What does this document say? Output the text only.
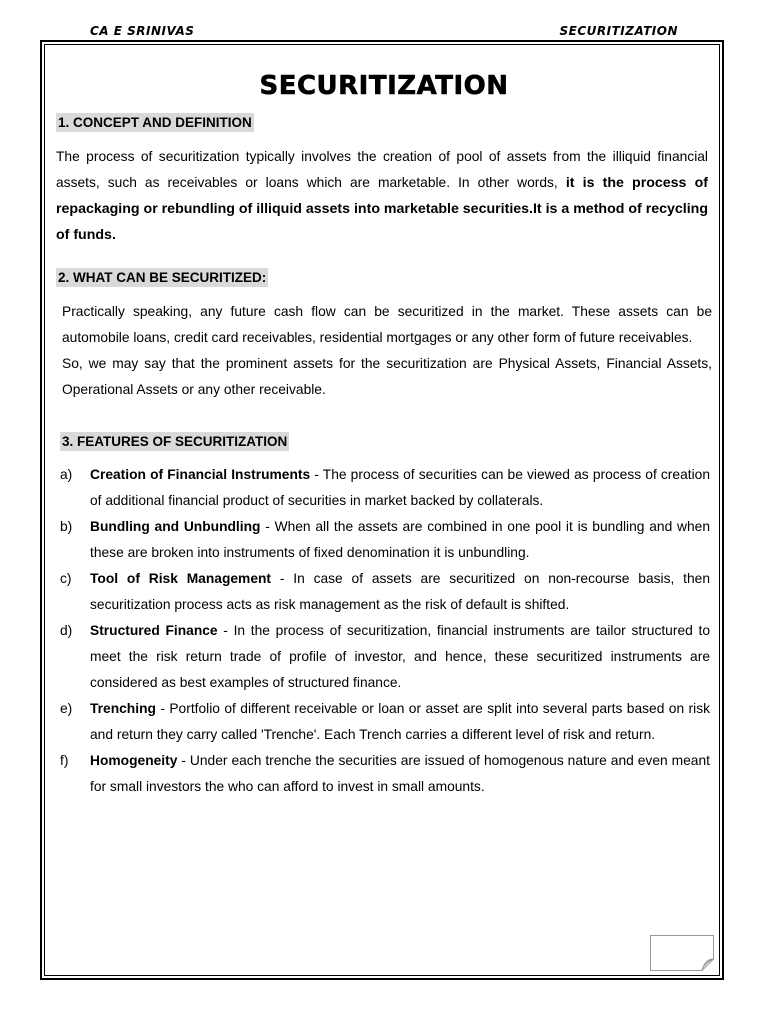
CA E SRINIVAS	SECURITIZATION
SECURITIZATION
1. CONCEPT AND DEFINITION
The process of securitization typically involves the creation of pool of assets from the illiquid financial assets, such as receivables or loans which are marketable. In other words, it is the process of repackaging or rebundling of illiquid assets into marketable securities.It is a method of recycling of funds.
2. WHAT CAN BE SECURITIZED:
Practically speaking, any future cash flow can be securitized in the market. These assets can be automobile loans, credit card receivables, residential mortgages or any other form of future receivables.
So, we may say that the prominent assets for the securitization are Physical Assets, Financial Assets, Operational Assets or any other receivable.
3. FEATURES OF SECURITIZATION
a) Creation of Financial Instruments - The process of securities can be viewed as process of creation of additional financial product of securities in market backed by collaterals.
b) Bundling and Unbundling - When all the assets are combined in one pool it is bundling and when these are broken into instruments of fixed denomination it is unbundling.
c) Tool of Risk Management - In case of assets are securitized on non-recourse basis, then securitization process acts as risk management as the risk of default is shifted.
d) Structured Finance - In the process of securitization, financial instruments are tailor structured to meet the risk return trade of profile of investor, and hence, these securitized instruments are considered as best examples of structured finance.
e) Trenching - Portfolio of different receivable or loan or asset are split into several parts based on risk and return they carry called 'Trenche'. Each Trench carries a different level of risk and return.
f) Homogeneity - Under each trenche the securities are issued of homogenous nature and even meant for small investors the who can afford to invest in small amounts.
